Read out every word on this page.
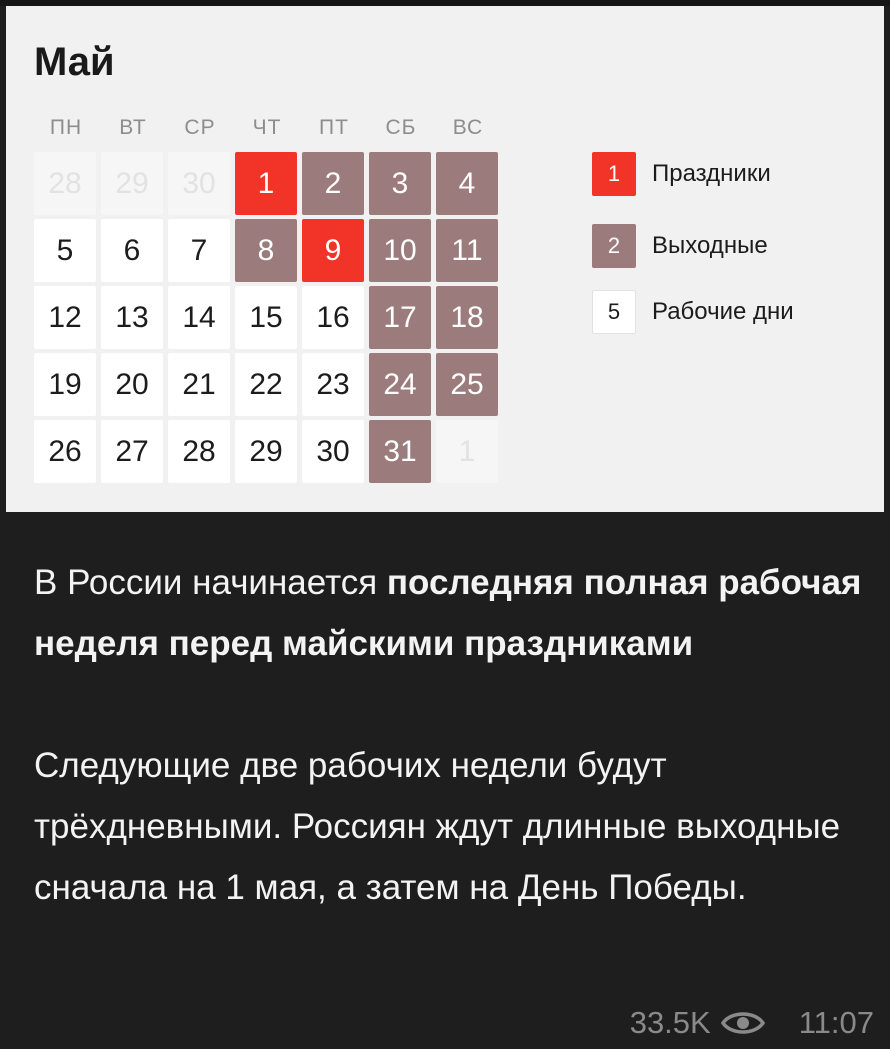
Май
ПН	ВТ	СР	ЧТ	ПТ	СБ	ВС
28	29	30	1	2	3	4
5	6	7	8	9	10	11
12	13	14	15	16	17	18
19	20	21	22	23	24	25
26	27	28	29	30	31	1
1	Праздники
2	Выходные
5	Рабочие дни
В России начинается последняя полная рабочая неделя перед майскими праздниками
Следующие две рабочих недели будут трёхдневными. Россиян ждут длинные выходные сначала на 1 мая, а затем на День Победы.
33.5K	11:07
